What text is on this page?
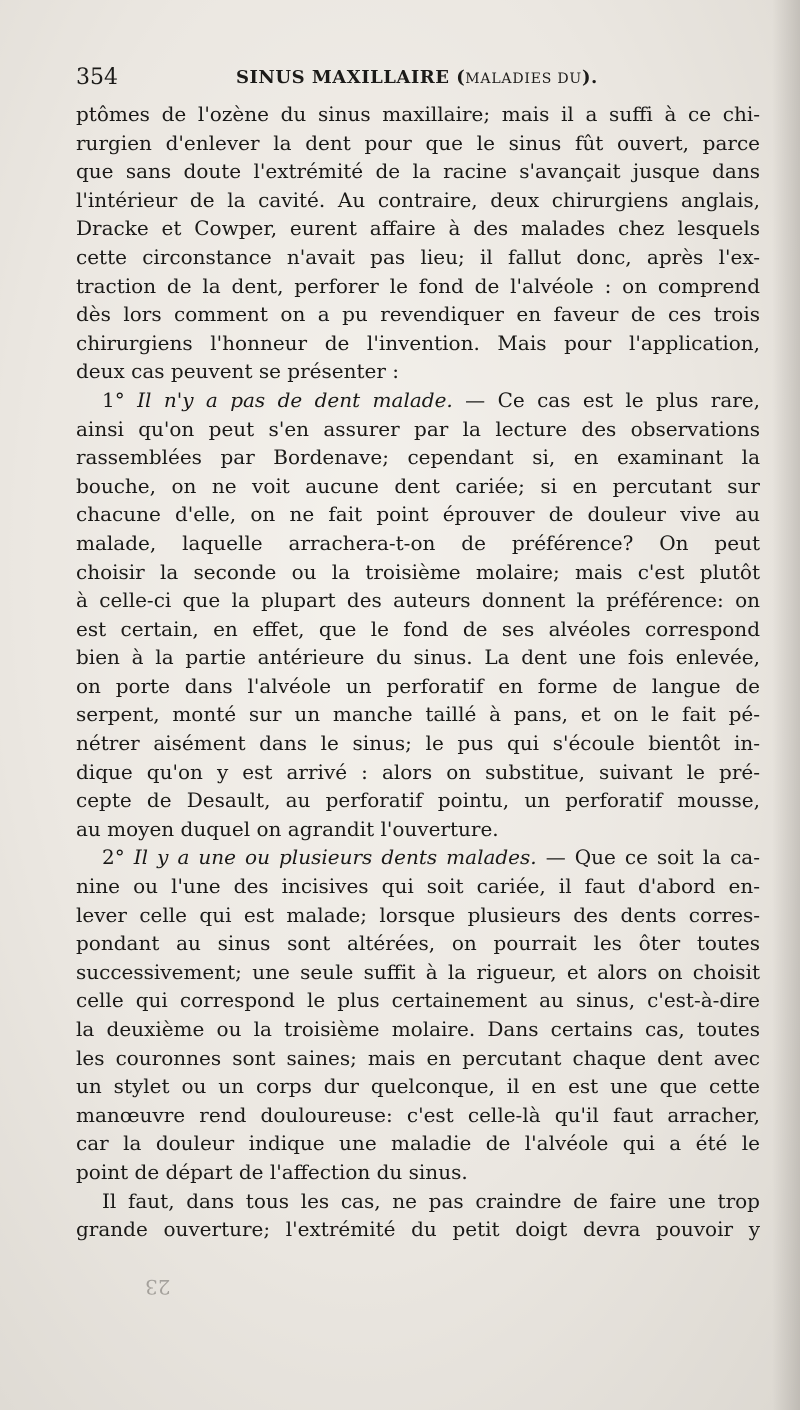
354	SINUS MAXILLAIRE (MALADIES DU).
ptômes de l'ozène du sinus maxillaire; mais il a suffi à ce chi-
rurgien d'enlever la dent pour que le sinus fût ouvert, parce
que sans doute l'extrémité de la racine s'avançait jusque dans
l'intérieur de la cavité. Au contraire, deux chirurgiens anglais,
Dracke et Cowper, eurent affaire à des malades chez lesquels
cette circonstance n'avait pas lieu; il fallut donc, après l'ex-
traction de la dent, perforer le fond de l'alvéole : on comprend
dès lors comment on a pu revendiquer en faveur de ces trois
chirurgiens l'honneur de l'invention. Mais pour l'application,
deux cas peuvent se présenter :
1° Il n'y a pas de dent malade. — Ce cas est le plus rare,
ainsi qu'on peut s'en assurer par la lecture des observations
rassemblées par Bordenave; cependant si, en examinant la
bouche, on ne voit aucune dent cariée; si en percutant sur
chacune d'elle, on ne fait point éprouver de douleur vive au
malade, laquelle arrachera-t-on de préférence? On peut
choisir la seconde ou la troisième molaire; mais c'est plutôt
à celle-ci que la plupart des auteurs donnent la préférence: on
est certain, en effet, que le fond de ses alvéoles correspond
bien à la partie antérieure du sinus. La dent une fois enlevée,
on porte dans l'alvéole un perforatif en forme de langue de
serpent, monté sur un manche taillé à pans, et on le fait pé-
nétrer aisément dans le sinus; le pus qui s'écoule bientôt in-
dique qu'on y est arrivé : alors on substitue, suivant le pré-
cepte de Desault, au perforatif pointu, un perforatif mousse,
au moyen duquel on agrandit l'ouverture.
2° Il y a une ou plusieurs dents malades. — Que ce soit la ca-
nine ou l'une des incisives qui soit cariée, il faut d'abord en-
lever celle qui est malade; lorsque plusieurs des dents corres-
pondant au sinus sont altérées, on pourrait les ôter toutes
successivement; une seule suffit à la rigueur, et alors on choisit
celle qui correspond le plus certainement au sinus, c'est-à-dire
la deuxième ou la troisième molaire. Dans certains cas, toutes
les couronnes sont saines; mais en percutant chaque dent avec
un stylet ou un corps dur quelconque, il en est une que cette
manœuvre rend douloureuse: c'est celle-là qu'il faut arracher,
car la douleur indique une maladie de l'alvéole qui a été le
point de départ de l'affection du sinus.
Il faut, dans tous les cas, ne pas craindre de faire une trop
grande ouverture; l'extrémité du petit doigt devra pouvoir y
23
